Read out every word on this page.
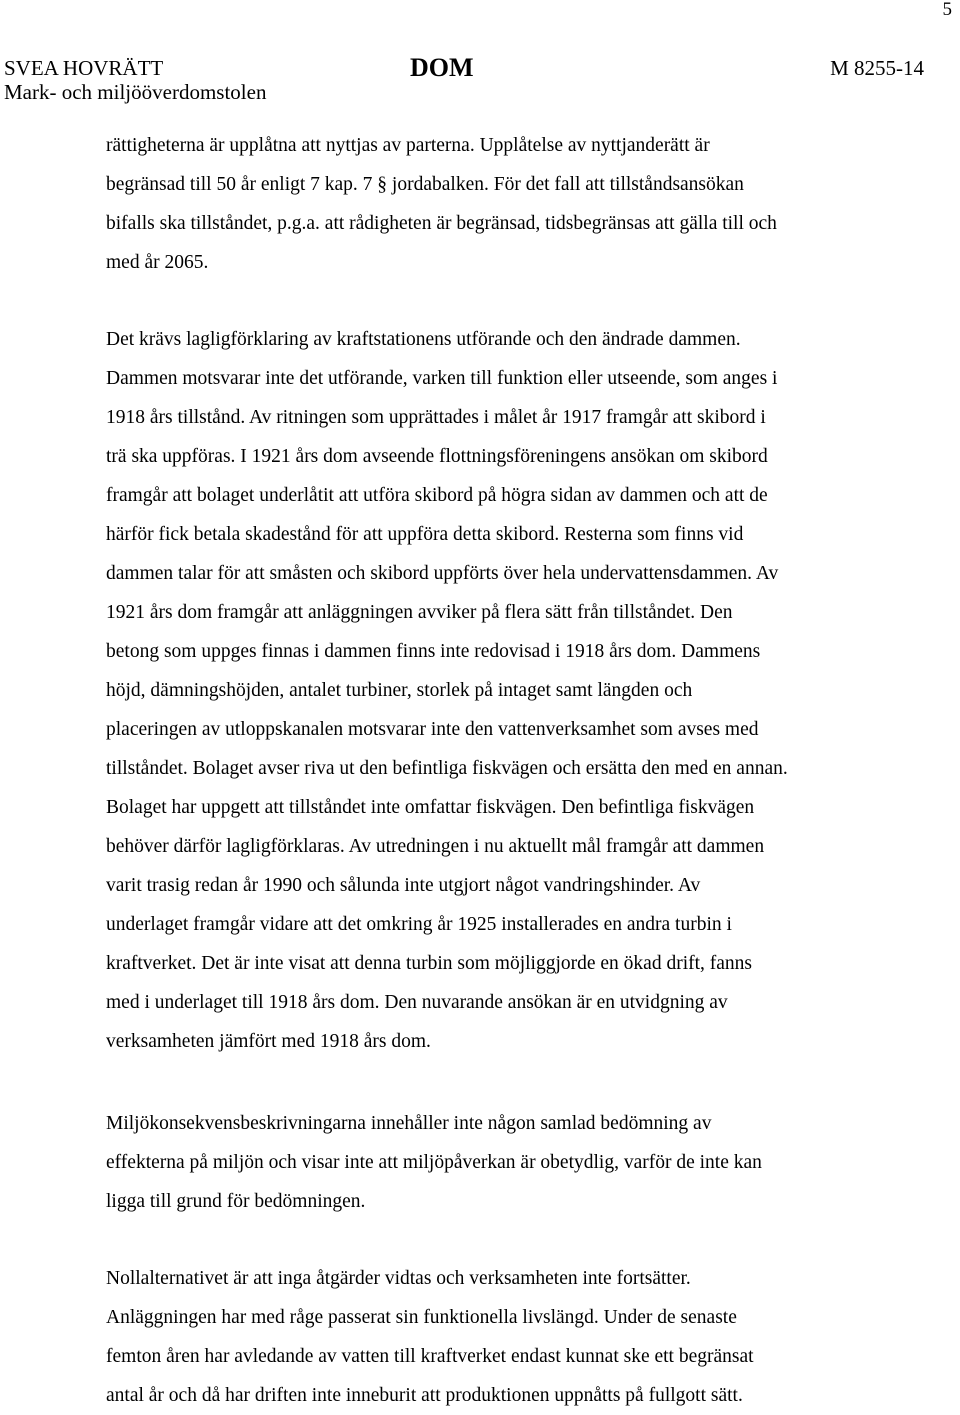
5
SVEA HOVRÄTT
Mark- och miljööverdomstolen
DOM	M 8255-14
rättigheterna är upplåtna att nyttjas av parterna. Upplåtelse av nyttjanderätt är
begränsad till 50 år enligt 7 kap. 7 § jordabalken. För det fall att tillståndsansökan
bifalls ska tillståndet, p.g.a. att rådigheten är begränsad, tidsbegränsas att gälla till och
med år 2065.
Det krävs lagligförklaring av kraftstationens utförande och den ändrade dammen.
Dammen motsvarar inte det utförande, varken till funktion eller utseende, som anges i
1918 års tillstånd. Av ritningen som upprättades i målet år 1917 framgår att skibord i
trä ska uppföras. I 1921 års dom avseende flottningsföreningens ansökan om skibord
framgår att bolaget underlåtit att utföra skibord på högra sidan av dammen och att de
härför fick betala skadestånd för att uppföra detta skibord. Resterna som finns vid
dammen talar för att småsten och skibord uppförts över hela undervattensdammen. Av
1921 års dom framgår att anläggningen avviker på flera sätt från tillståndet. Den
betong som uppges finnas i dammen finns inte redovisad i 1918 års dom. Dammens
höjd, dämningshöjden, antalet turbiner, storlek på intaget samt längden och
placeringen av utloppskanalen motsvarar inte den vattenverksamhet som avses med
tillståndet. Bolaget avser riva ut den befintliga fiskvägen och ersätta den med en annan.
Bolaget har uppgett att tillståndet inte omfattar fiskvägen. Den befintliga fiskvägen
behöver därför lagligförklaras. Av utredningen i nu aktuellt mål framgår att dammen
varit trasig redan år 1990 och sålunda inte utgjort något vandringshinder. Av
underlaget framgår vidare att det omkring år 1925 installerades en andra turbin i
kraftverket. Det är inte visat att denna turbin som möjliggjorde en ökad drift, fanns
med i underlaget till 1918 års dom. Den nuvarande ansökan är en utvidgning av
verksamheten jämfört med 1918 års dom.
Miljökonsekvensbeskrivningarna innehåller inte någon samlad bedömning av
effekterna på miljön och visar inte att miljöpåverkan är obetydlig, varför de inte kan
ligga till grund för bedömningen.
Nollalternativet är att inga åtgärder vidtas och verksamheten inte fortsätter.
Anläggningen har med råge passerat sin funktionella livslängd. Under de senaste
femton åren har avledande av vatten till kraftverket endast kunnat ske ett begränsat
antal år och då har driften inte inneburit att produktionen uppnåtts på fullgott sätt.
